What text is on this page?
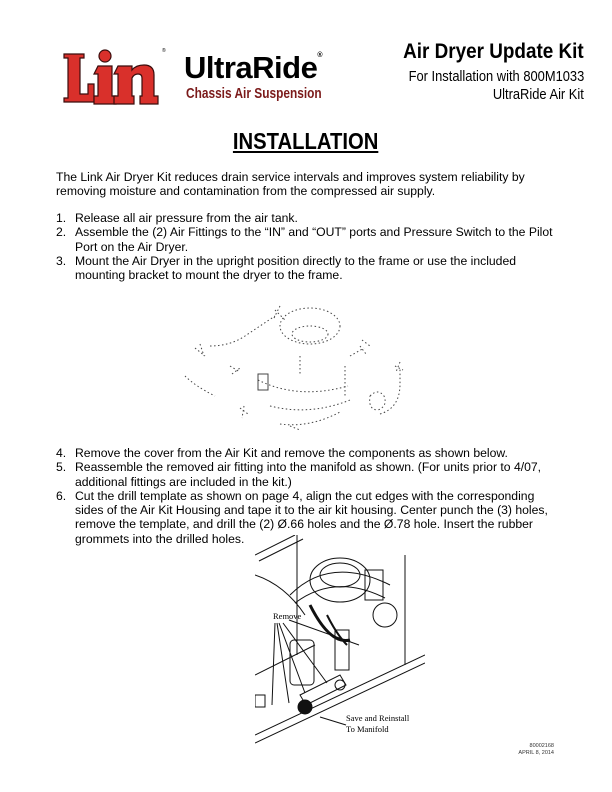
® UltraRide®
Chassis Air Suspension
Air Dryer Update Kit
For Installation with 800M1033
UltraRide Air Kit
INSTALLATION
The Link Air Dryer Kit reduces drain service intervals and improves system reliability by
removing moisture and contamination from the compressed air supply.
1. Release all air pressure from the air tank.
2. Assemble the (2) Air Fittings to the “IN” and “OUT” ports and Pressure Switch to the Pilot
Port on the Air Dryer.
3. Mount the Air Dryer in the upright position directly to the frame or use the included
mounting bracket to mount the dryer to the frame.
4. Remove the cover from the Air Kit and remove the components as shown below.
5. Reassemble the removed air fitting into the manifold as shown. (For units prior to 4/07,
additional fittings are included in the kit.)
6. Cut the drill template as shown on page 4, align the cut edges with the corresponding
sides of the Air Kit Housing and tape it to the air kit housing. Center punch the (3) holes,
remove the template, and drill the (2) Ø.66 holes and the Ø.78 hole. Insert the rubber
grommets into the drilled holes.
Remove
Save and Reinstall
To Manifold
80002168
APRIL 8, 2014
